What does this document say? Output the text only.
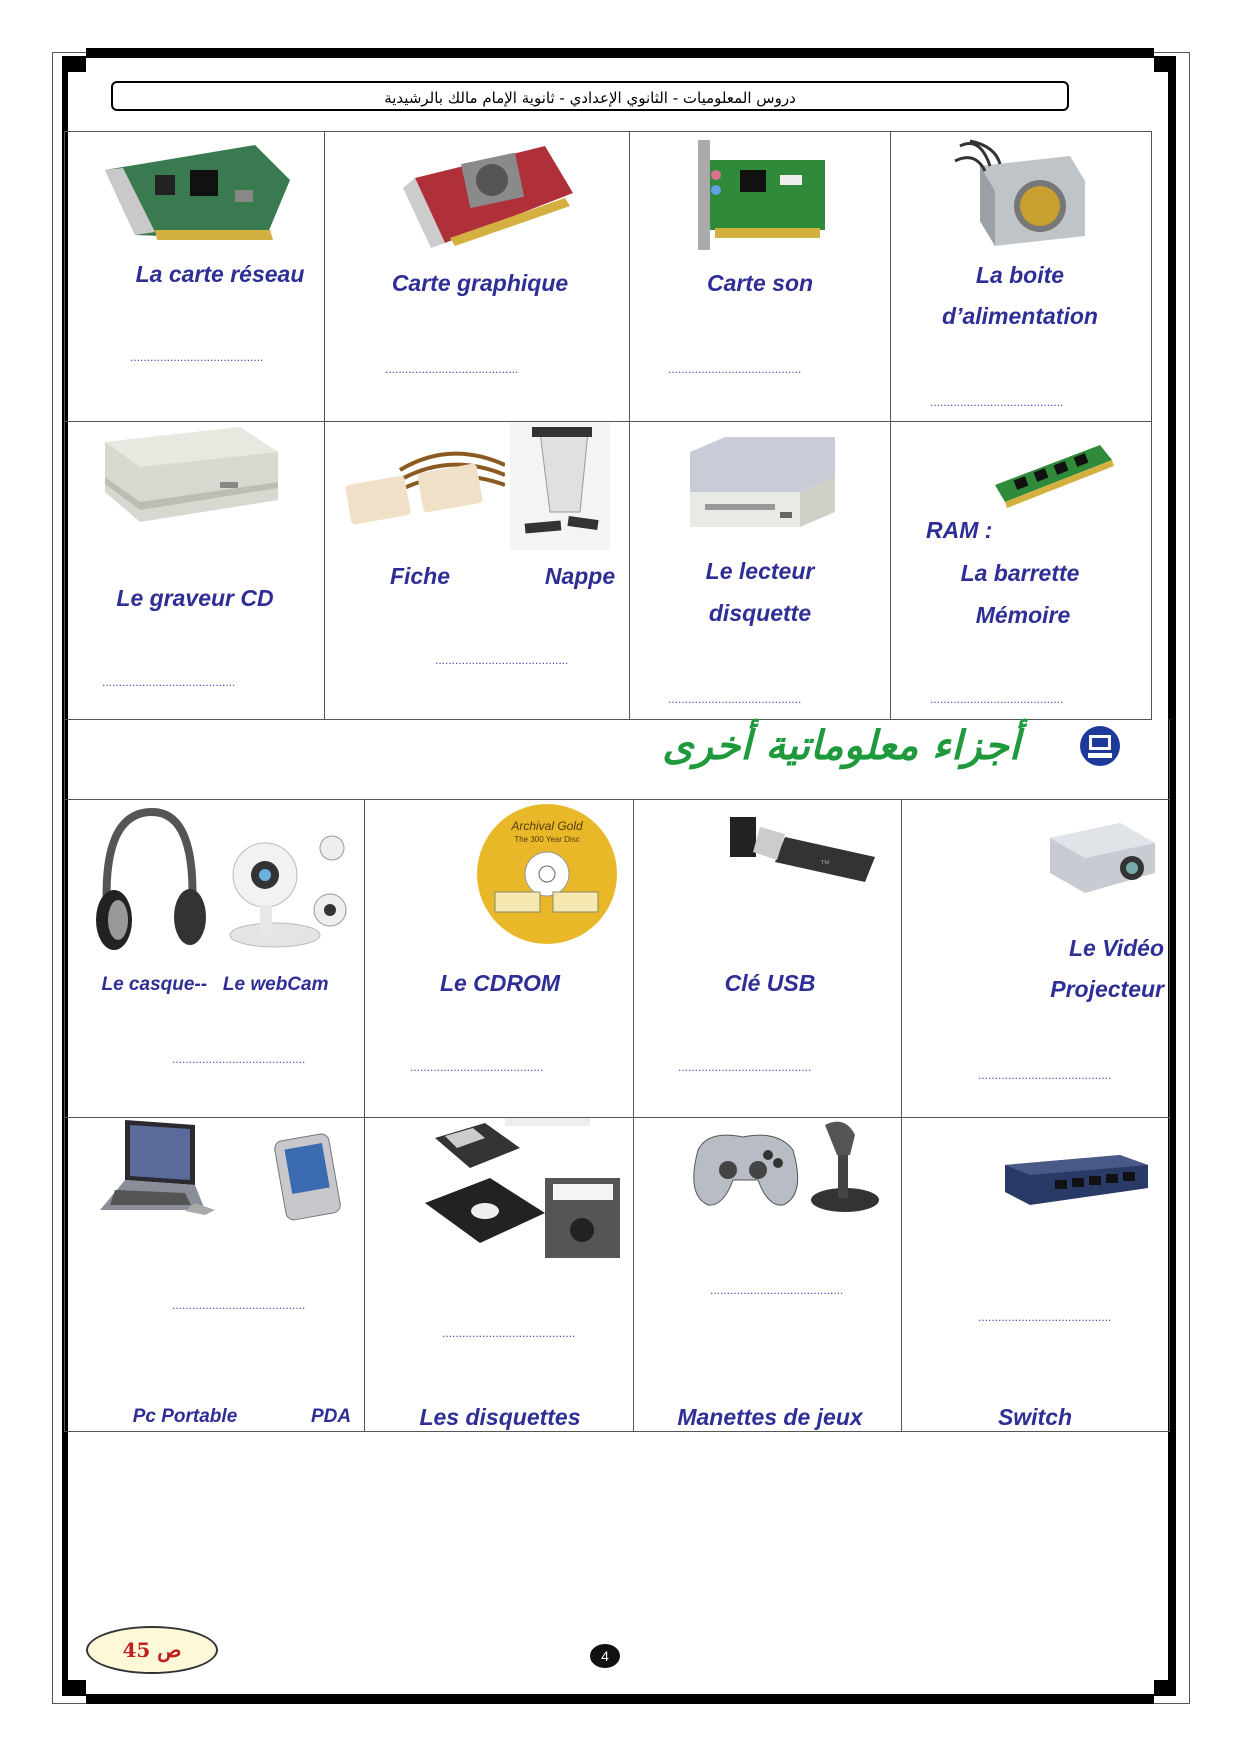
دروس المعلوميات - الثانوي الإعدادي - ثانوية الإمام مالك بالرشيدية
La carte réseau
........................................
Carte graphique
........................................
Carte son
........................................
La boite
d’alimentation
........................................
Le graveur CD
........................................
Fiche	Nappe
........................................
Le lecteur
disquette
........................................
RAM :
La barrette
Mémoire
........................................
أجزاء معلوماتية أخرى
Archival Gold
The 300 Year Disc
™
Le casque--   Le webCam
........................................
Le CDROM
........................................
Clé USB
........................................
Le Vidéo
Projecteur
........................................
Pc Portable	PDA
........................................
Les disquettes
........................................
Manettes de jeux
........................................
Switch
........................................
ص 45	4
